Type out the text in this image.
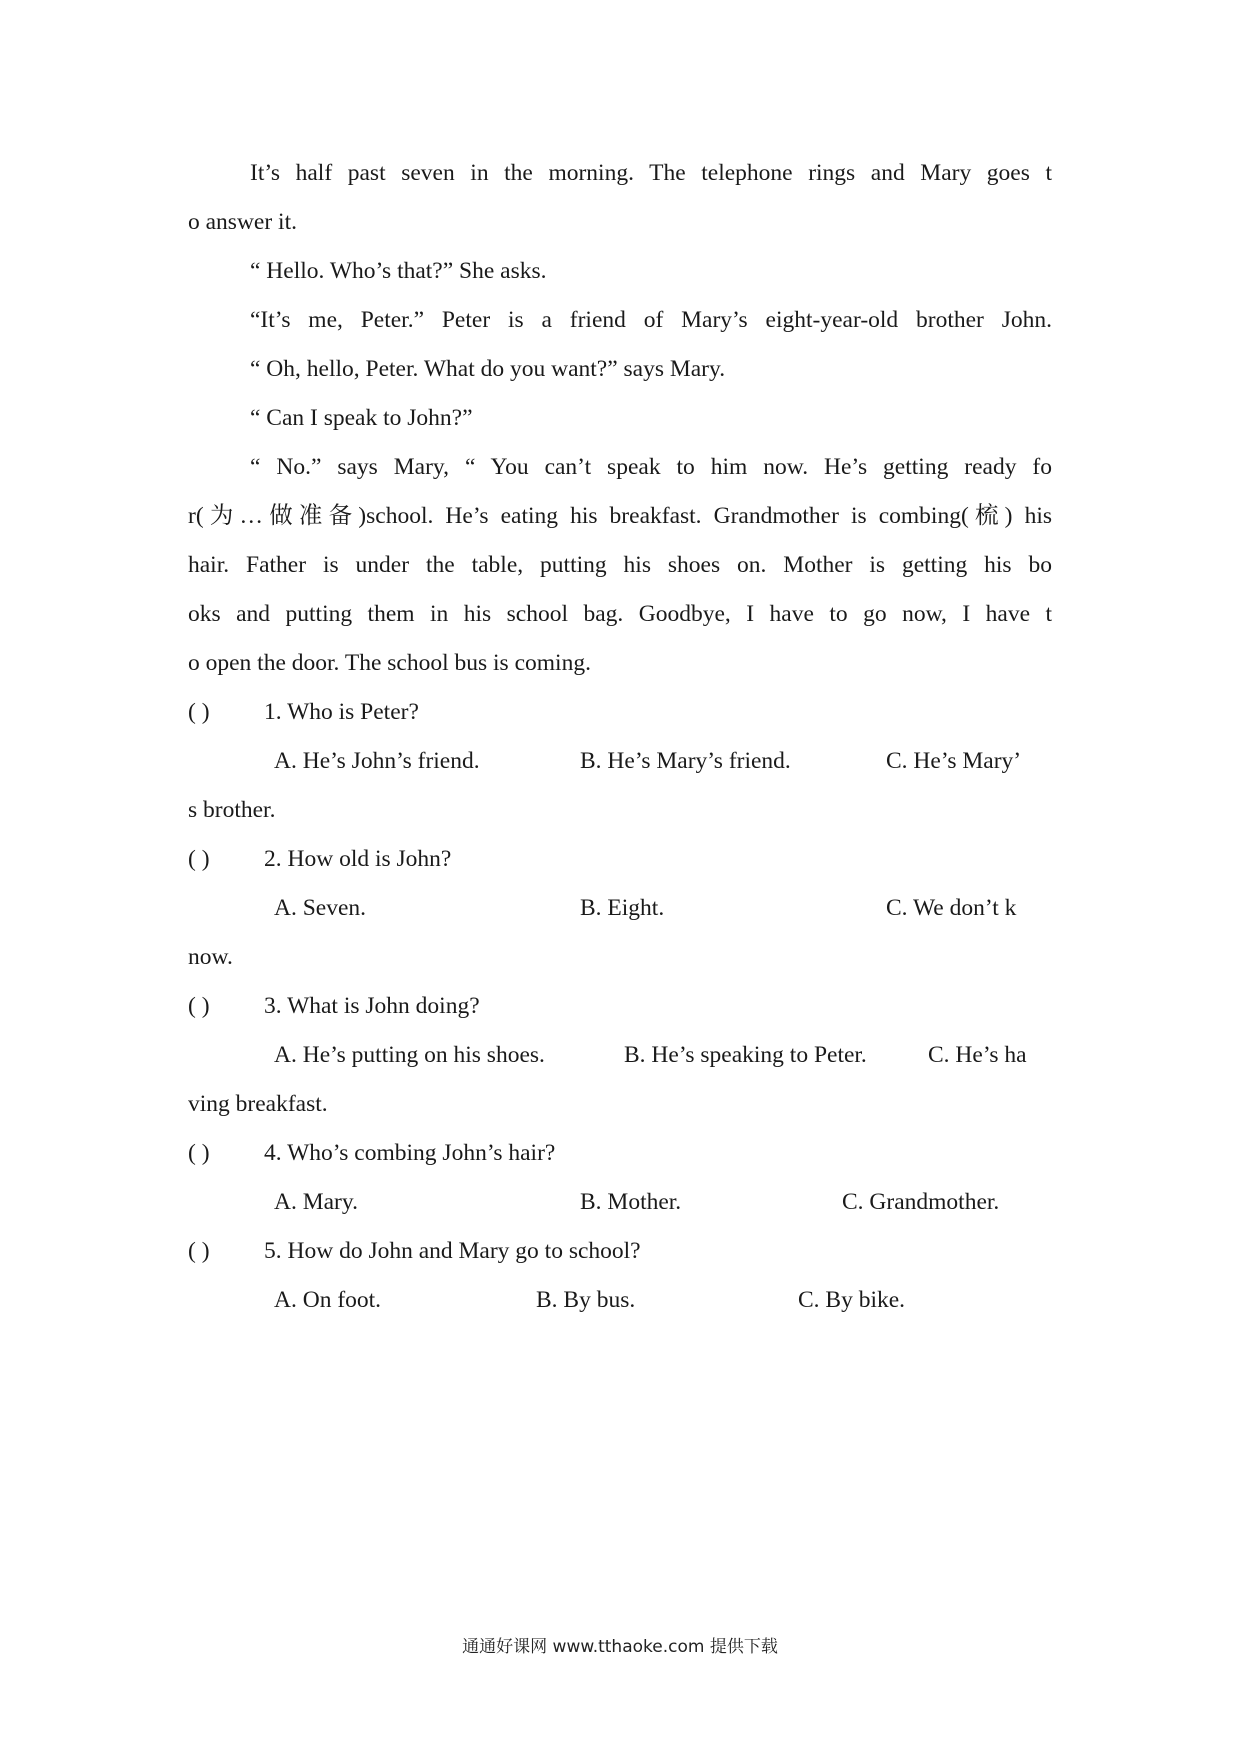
It’s half past seven in the morning. The telephone rings and Mary goes t
o answer it.
“ Hello. Who’s that?” She asks.
“It’s me, Peter.” Peter is a friend of Mary’s eight-year-old brother John.
“ Oh, hello, Peter. What do you want?” says Mary.
“ Can I speak to John?”
“ No.” says Mary, “ You can’t speak to him now. He’s getting ready fo
r(为…做准备)school. He’s eating his breakfast. Grandmother is combing(梳) his
hair. Father is under the table, putting his shoes on. Mother is getting his bo
oks and putting them in his school bag. Goodbye, I have to go now, I have t
o open the door. The school bus is coming.
( ) 1. Who is Peter?
A. He’s John’s friend.	B. He’s Mary’s friend.	C. He’s Mary’
s brother.
( ) 2. How old is John?
A. Seven.	B. Eight.	C. We don’t k
now.
( ) 3. What is John doing?
A. He’s putting on his shoes.	B. He’s speaking to Peter.	C. He’s ha
ving breakfast.
( ) 4. Who’s combing John’s hair?
A. Mary.	B. Mother.	C. Grandmother.
( ) 5. How do John and Mary go to school?
A. On foot.	B. By bus.	C. By bike.
通通好课网 www.tthaoke.com 提供下载
